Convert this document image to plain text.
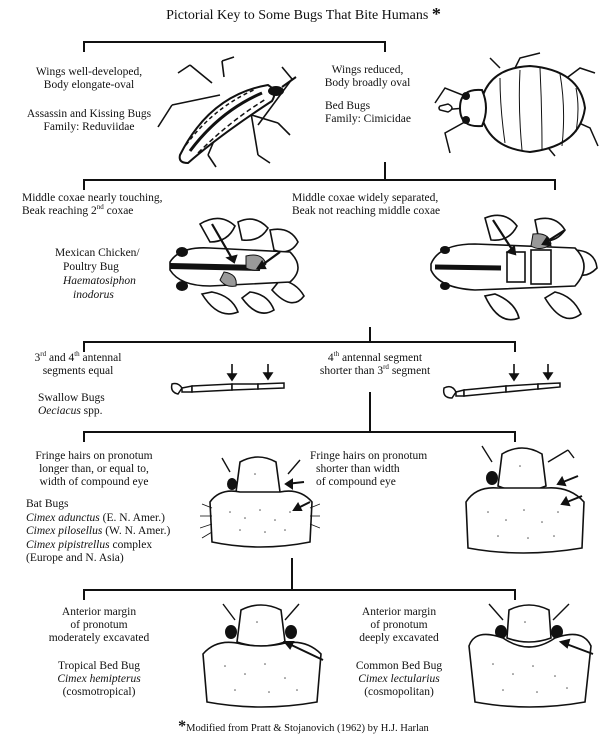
Pictorial Key to Some Bugs That Bite Humans *
Wings well-developed,
Body elongate-oval
Assassin and Kissing Bugs
Family: Reduviidae
Wings reduced,
Body broadly oval
Bed Bugs
Family: Cimicidae
Middle coxae nearly touching,
Beak reaching 2nd coxae
Middle coxae widely separated,
Beak not reaching middle coxae
Mexican Chicken/
Poultry Bug
Haematosiphon
inodorus
3rd and 4th antennal
segments equal
Swallow Bugs
Oeciacus spp.
4th antennal segment
shorter than 3rd segment
Fringe hairs on pronotum
longer than, or equal to,
width of compound eye
Fringe hairs on pronotum
shorter than width
of compound eye
Bat Bugs
Cimex adunctus (E. N. Amer.)
Cimex pilosellus (W. N. Amer.)
Cimex pipistrellus complex
(Europe and N. Asia)
Anterior margin
of pronotum
moderately excavated
Tropical Bed Bug
Cimex hemipterus
(cosmotropical)
Anterior margin
of pronotum
deeply excavated
Common Bed Bug
Cimex lectularius
(cosmopolitan)
*Modified from Pratt & Stojanovich (1962) by H.J. Harlan
